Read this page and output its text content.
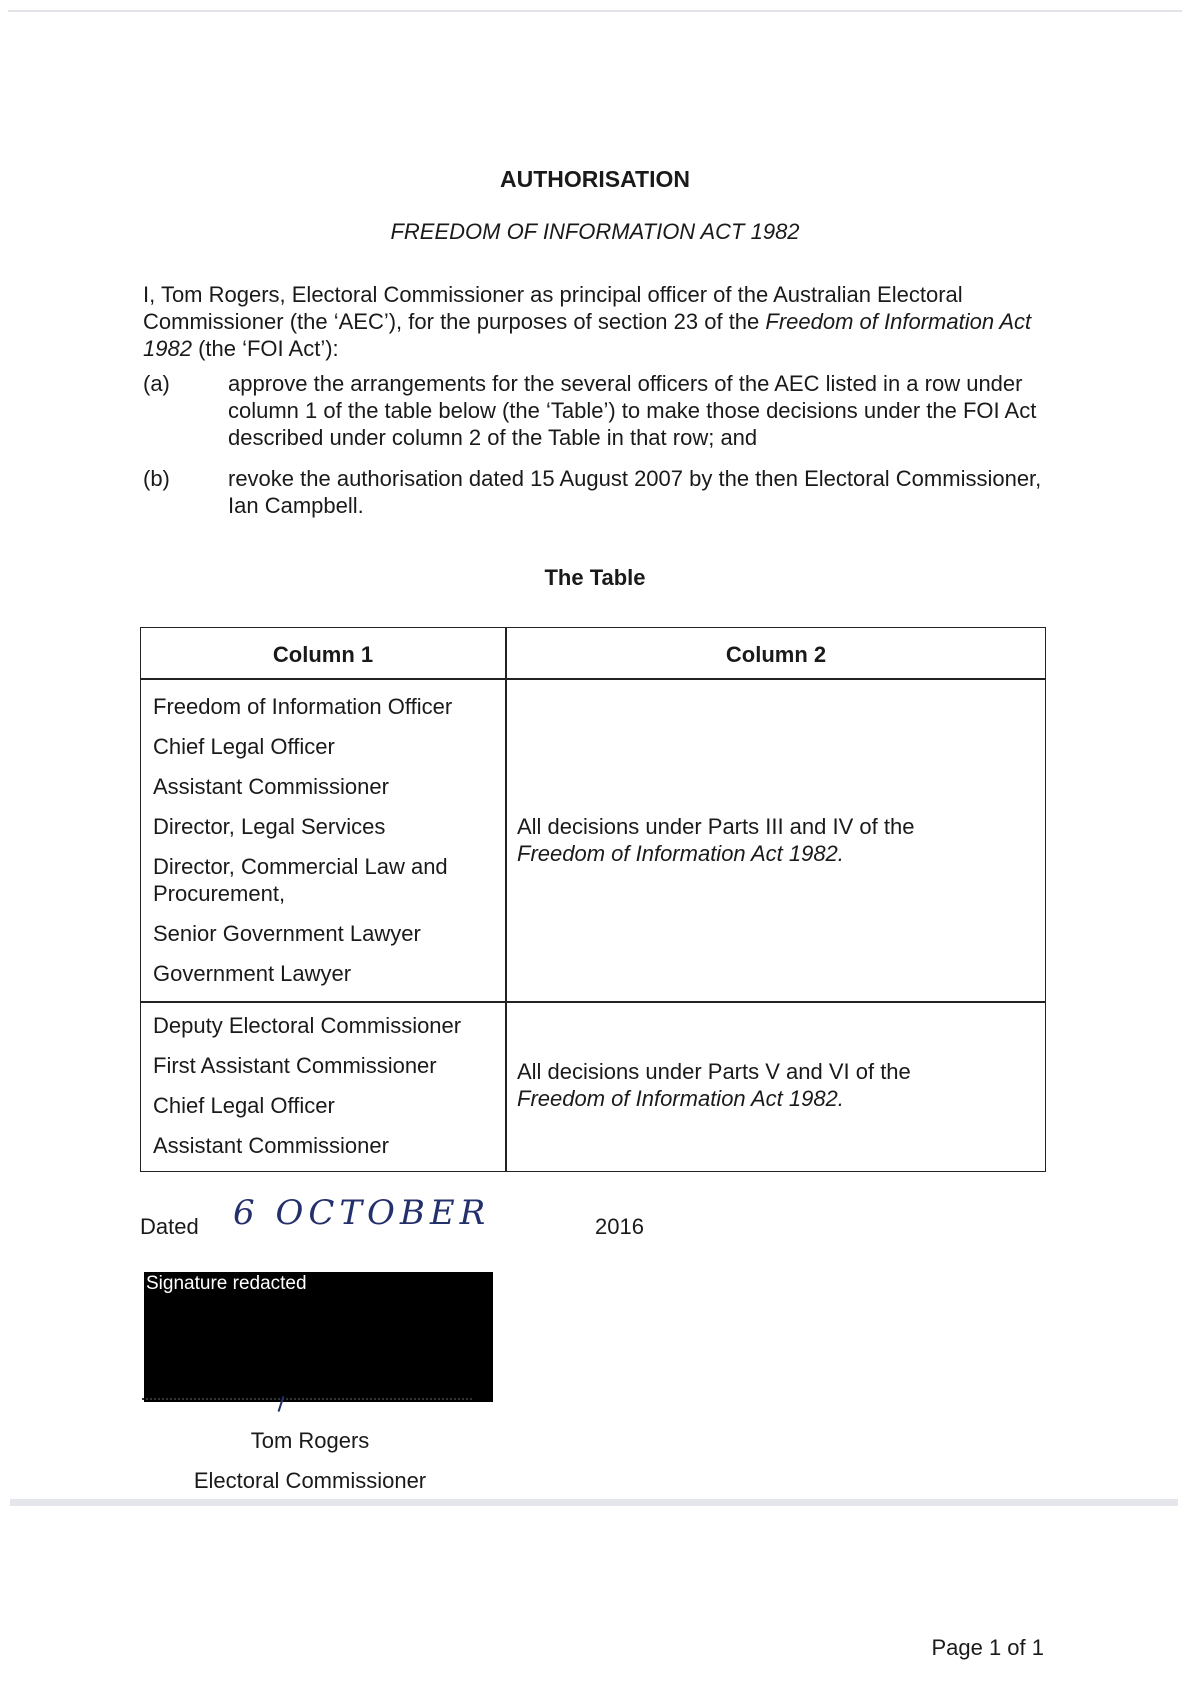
AUTHORISATION
FREEDOM OF INFORMATION ACT 1982

I, Tom Rogers, Electoral Commissioner as principal officer of the Australian Electoral Commissioner (the ‘AEC’), for the purposes of section 23 of the Freedom of Information Act 1982 (the ‘FOI Act’):

(a)	approve the arrangements for the several officers of the AEC listed in a row under column 1 of the table below (the ‘Table’) to make those decisions under the FOI Act described under column 2 of the Table in that row; and
(b)	revoke the authorisation dated 15 August 2007 by the then Electoral Commissioner, Ian Campbell.
The Table
Column 1	Column 2
Freedom of Information Officer
Chief Legal Officer
Assistant Commissioner
Director, Legal Services
Director, Commercial Law and Procurement,
Senior Government Lawyer
Government Lawyer

All decisions under Parts III and IV of the
Freedom of Information Act 1982.

Deputy Electoral Commissioner
First Assistant Commissioner
Chief Legal Officer
Assistant Commissioner

All decisions under Parts V and VI of the
Freedom of Information Act 1982.

Dated 6 OCTOBER	2016
Signature redacted
Tom Rogers
Electoral Commissioner
Page 1 of 1
